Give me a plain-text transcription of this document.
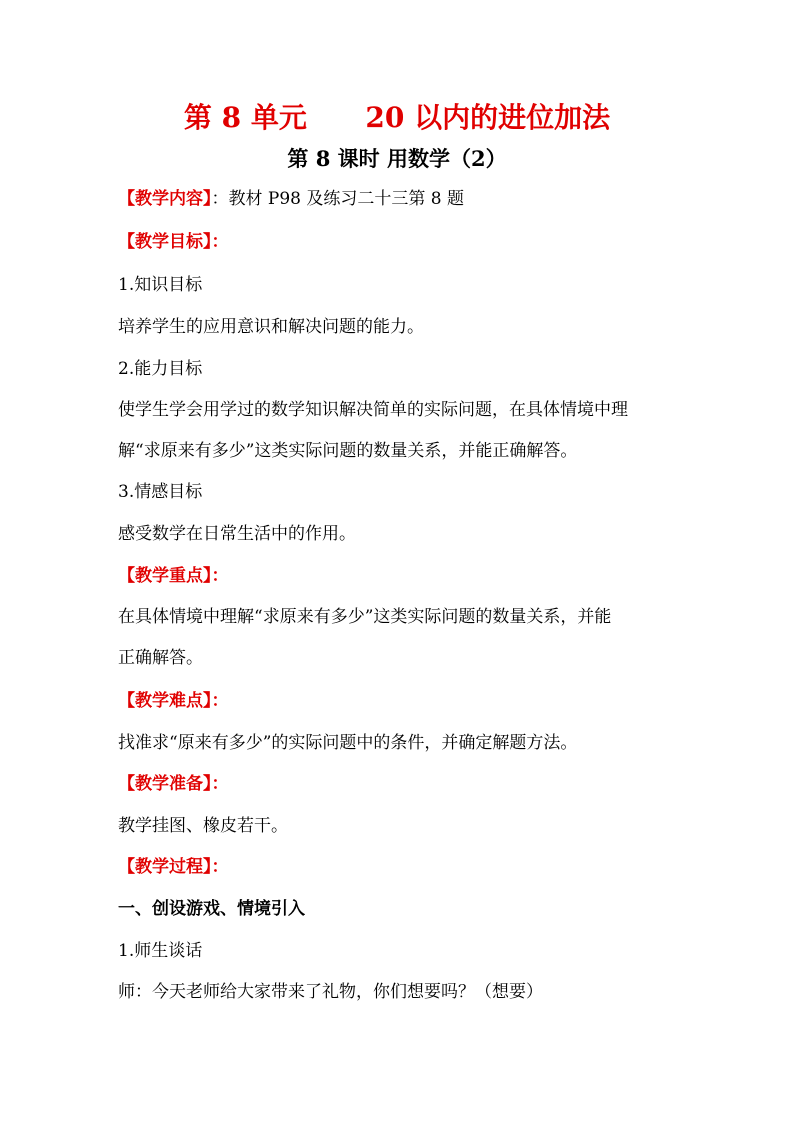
第 8 单元      20 以内的进位加法
第 8 课时 用数学（2）
【教学内容】：教材 P98 及练习二十三第 8 题
【教学目标】：
1.知识目标
培养学生的应用意识和解决问题的能力。
2.能力目标
使学生学会用学过的数学知识解决简单的实际问题，在具体情境中理
解“求原来有多少”这类实际问题的数量关系，并能正确解答。
3.情感目标
感受数学在日常生活中的作用。
【教学重点】：
在具体情境中理解“求原来有多少”这类实际问题的数量关系，并能
正确解答。
【教学难点】：
找准求“原来有多少”的实际问题中的条件，并确定解题方法。
【教学准备】：
教学挂图、橡皮若干。
【教学过程】：
一、创设游戏、情境引入
1.师生谈话
师：今天老师给大家带来了礼物，你们想要吗？（想要）
